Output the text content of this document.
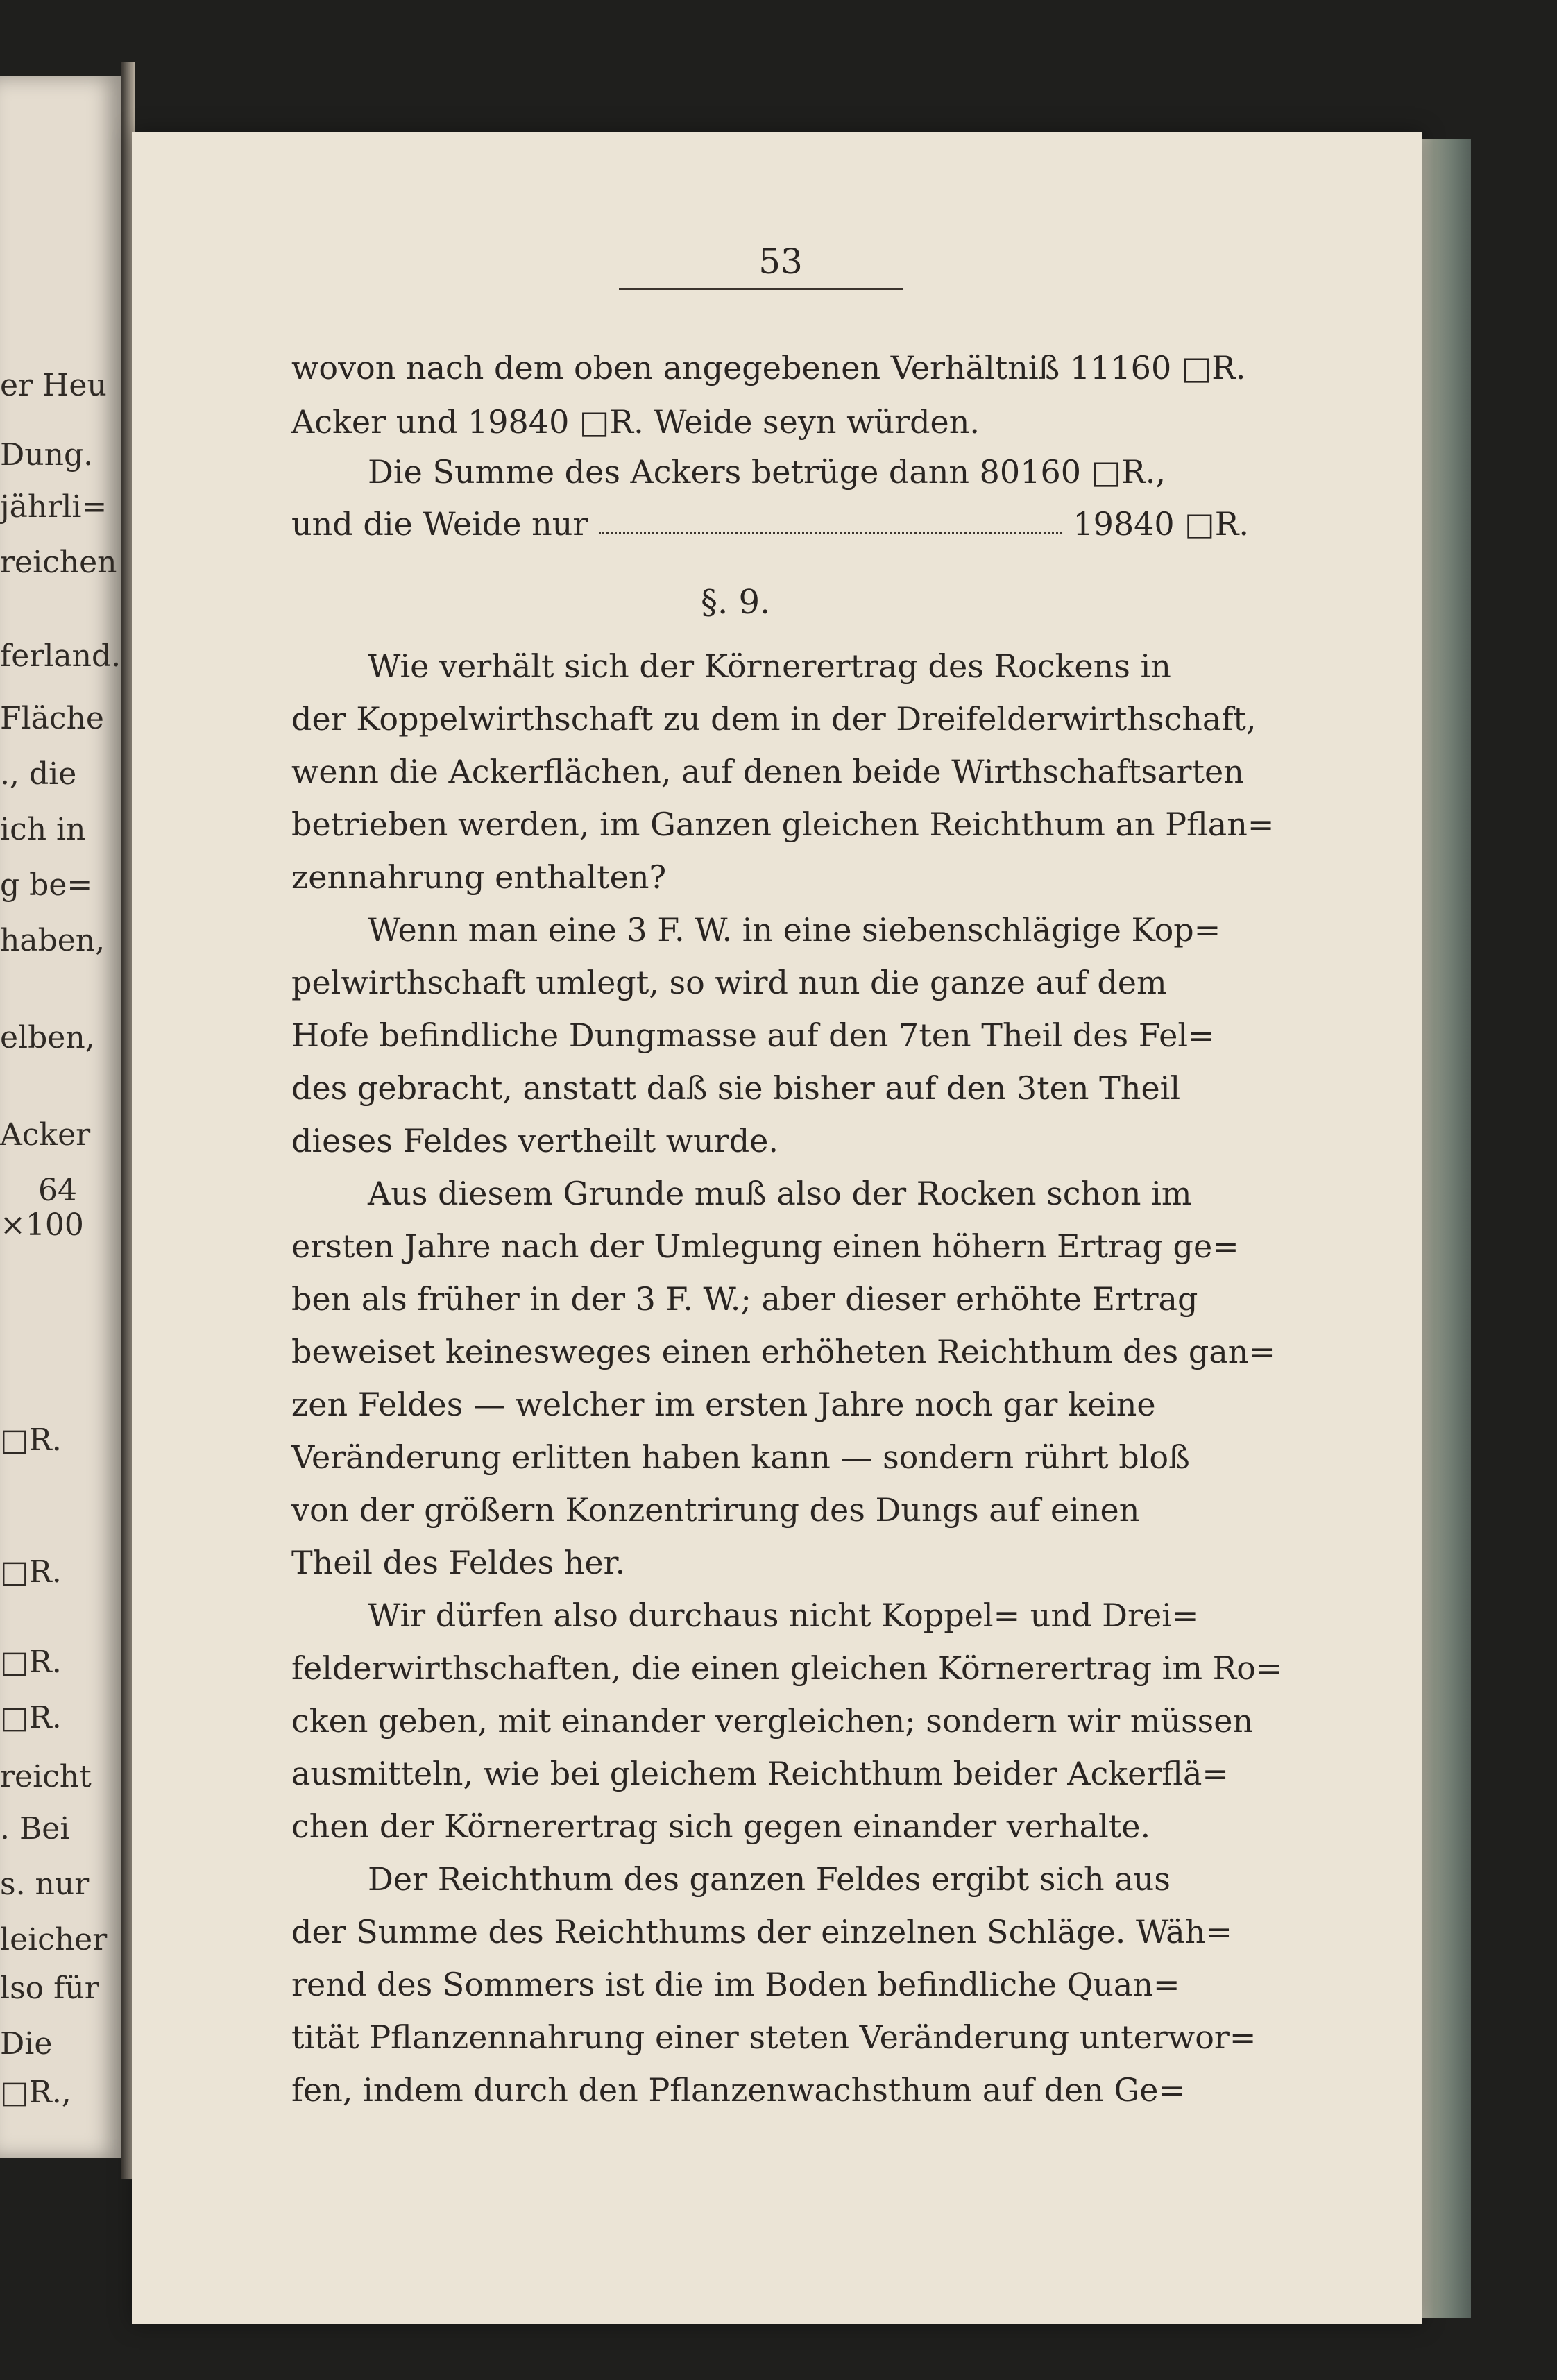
er Heu
Dung.
jährli=
reichen
ferland.
Fläche
., die
ich in
g be=
haben,
elben,
Acker
64
×100
□R.
□R.
□R.
□R.
reicht
. Bei
s. nur
leicher
lso für
Die
□R.,
53
wovon nach dem oben angegebenen Verhältniß 11160 □R.
Acker und 19840 □R. Weide seyn würden.
Die Summe des Ackers betrüge dann 80160 □R.,
und die Weide nur	19840 □R.
§. 9.
Wie verhält sich der Körnerertrag des Rockens in
der Koppelwirthschaft zu dem in der Dreifelderwirthschaft,
wenn die Ackerflächen, auf denen beide Wirthschaftsarten
betrieben werden, im Ganzen gleichen Reichthum an Pflan=
zennahrung enthalten?
Wenn man eine 3 F. W. in eine siebenschlägige Kop=
pelwirthschaft umlegt, so wird nun die ganze auf dem
Hofe befindliche Dungmasse auf den 7ten Theil des Fel=
des gebracht, anstatt daß sie bisher auf den 3ten Theil
dieses Feldes vertheilt wurde.
Aus diesem Grunde muß also der Rocken schon im
ersten Jahre nach der Umlegung einen höhern Ertrag ge=
ben als früher in der 3 F. W.; aber dieser erhöhte Ertrag
beweiset keinesweges einen erhöheten Reichthum des gan=
zen Feldes — welcher im ersten Jahre noch gar keine
Veränderung erlitten haben kann — sondern rührt bloß
von der größern Konzentrirung des Dungs auf einen
Theil des Feldes her.
Wir dürfen also durchaus nicht Koppel= und Drei=
felderwirthschaften, die einen gleichen Körnerertrag im Ro=
cken geben, mit einander vergleichen; sondern wir müssen
ausmitteln, wie bei gleichem Reichthum beider Ackerflä=
chen der Körnerertrag sich gegen einander verhalte.
Der Reichthum des ganzen Feldes ergibt sich aus
der Summe des Reichthums der einzelnen Schläge. Wäh=
rend des Sommers ist die im Boden befindliche Quan=
tität Pflanzennahrung einer steten Veränderung unterwor=
fen, indem durch den Pflanzenwachsthum auf den Ge=
